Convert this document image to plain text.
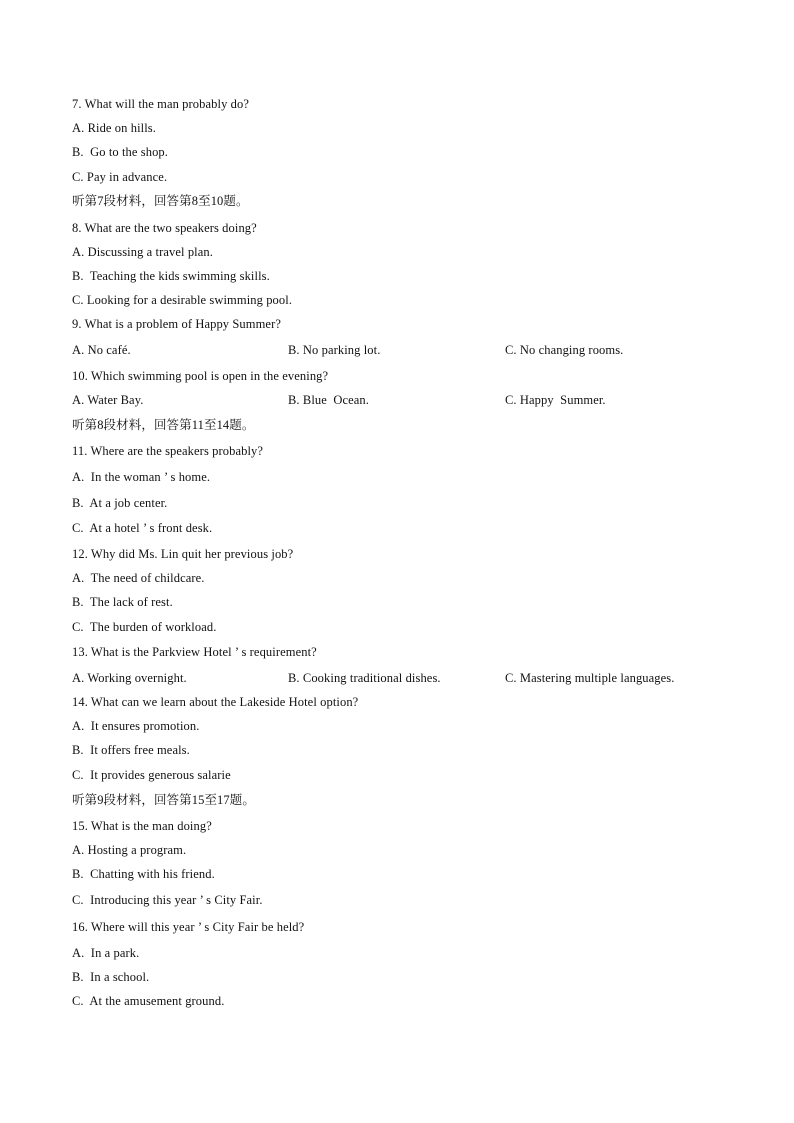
7. What will the man probably do?
A. Ride on hills.
B.  Go to the shop.
C. Pay in advance.
听第7段材料，回答第8至10题。
8. What are the two speakers doing?
A. Discussing a travel plan.
B.  Teaching the kids swimming skills.
C. Looking for a desirable swimming pool.
9. What is a problem of Happy Summer?

A. No café.

	B. No parking lot.

	C. No changing rooms.

10. Which swimming pool is open in the evening?

A. Water Bay.

	B. Blue  Ocean.

	C. Happy  Summer.

听第8段材料，回答第11至14题。
11. Where are the speakers probably?
A.  In the woman ’ s home.
B.  At a job center.
C.  At a hotel ’ s front desk.
12. Why did Ms. Lin quit her previous job?
A.  The need of childcare.
B.  The lack of rest.
C.  The burden of workload.
13. What is the Parkview Hotel ’ s requirement?

A. Working overnight.

	B. Cooking traditional dishes.

	C. Mastering multiple languages.

14. What can we learn about the Lakeside Hotel option?
A.  It ensures promotion.
B.  It offers free meals.
C.  It provides generous salarie
听第9段材料，回答第15至17题。
15. What is the man doing?
A. Hosting a program.
B.  Chatting with his friend.
C.  Introducing this year ’ s City Fair.
16. Where will this year ’ s City Fair be held?
A.  In a park.
B.  In a school.
C.  At the amusement ground.
